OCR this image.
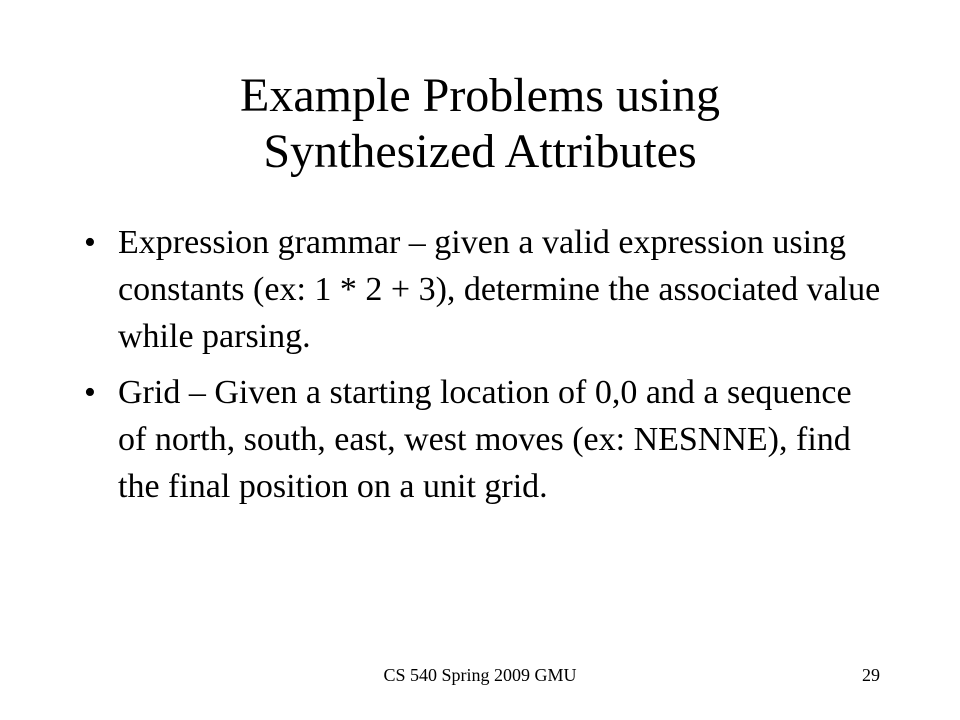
Example Problems using
Synthesized Attributes
• Expression grammar – given a valid expression using constants (ex: 1 * 2 + 3), determine the associated value while parsing.
• Grid – Given a starting location of 0,0 and a sequence of north, south, east, west moves (ex: NESNNE), find the final position on a unit grid.
CS 540 Spring 2009 GMU	29
